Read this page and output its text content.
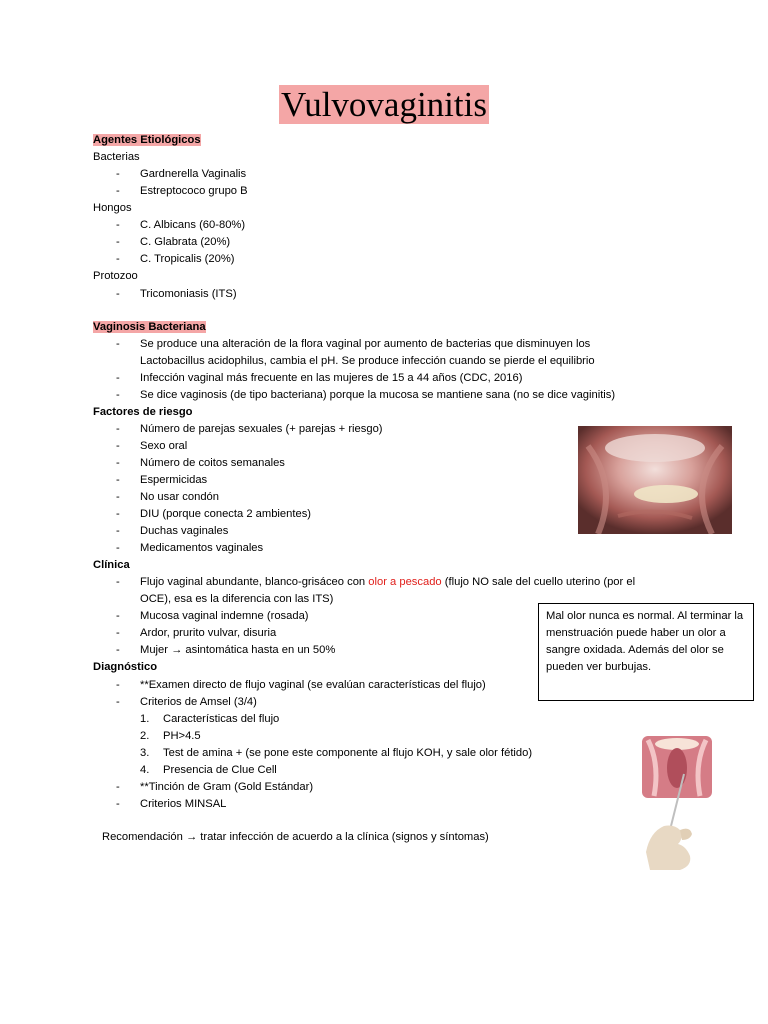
Vulvovaginitis
Agentes Etiológicos
Bacterias
- Gardnerella Vaginalis
- Estreptococo grupo B
Hongos
- C. Albicans (60-80%)
- C. Glabrata (20%)
- C. Tropicalis (20%)
Protozoo
- Tricomoniasis (ITS)
Vaginosis Bacteriana
- Se produce una alteración de la flora vaginal por aumento de bacterias que disminuyen los
Lactobacillus acidophilus, cambia el pH. Se produce infección cuando se pierde el equilibrio
- Infección vaginal más frecuente en las mujeres de 15 a 44 años (CDC, 2016)
- Se dice vaginosis (de tipo bacteriana) porque la mucosa se mantiene sana (no se dice vaginitis)
Factores de riesgo
- Número de parejas sexuales (+ parejas + riesgo)
- Sexo oral
- Número de coitos semanales
- Espermicidas
- No usar condón
- DIU (porque conecta 2 ambientes)
- Duchas vaginales
- Medicamentos vaginales
Clínica
- Flujo vaginal abundante, blanco-grisáceo con olor a pescado (flujo NO sale del cuello uterino (por el
OCE), esa es la diferencia con las ITS)
- Mucosa vaginal indemne (rosada)
- Ardor, prurito vulvar, disuria
- Mujer → asintomática hasta en un 50%
Diagnóstico
- **Examen directo de flujo vaginal (se evalúan características del flujo)
- Criterios de Amsel (3/4)
1. Características del flujo
2. PH>4.5
3. Test de amina + (se pone este componente al flujo KOH, y sale olor fétido)
4. Presencia de Clue Cell
- **Tinción de Gram (Gold Estándar)
- Criterios MINSAL
Recomendación → tratar infección de acuerdo a la clínica (signos y síntomas)
Mal olor nunca es normal. Al terminar la menstruación puede haber un olor a sangre oxidada. Además del olor se pueden ver burbujas.
